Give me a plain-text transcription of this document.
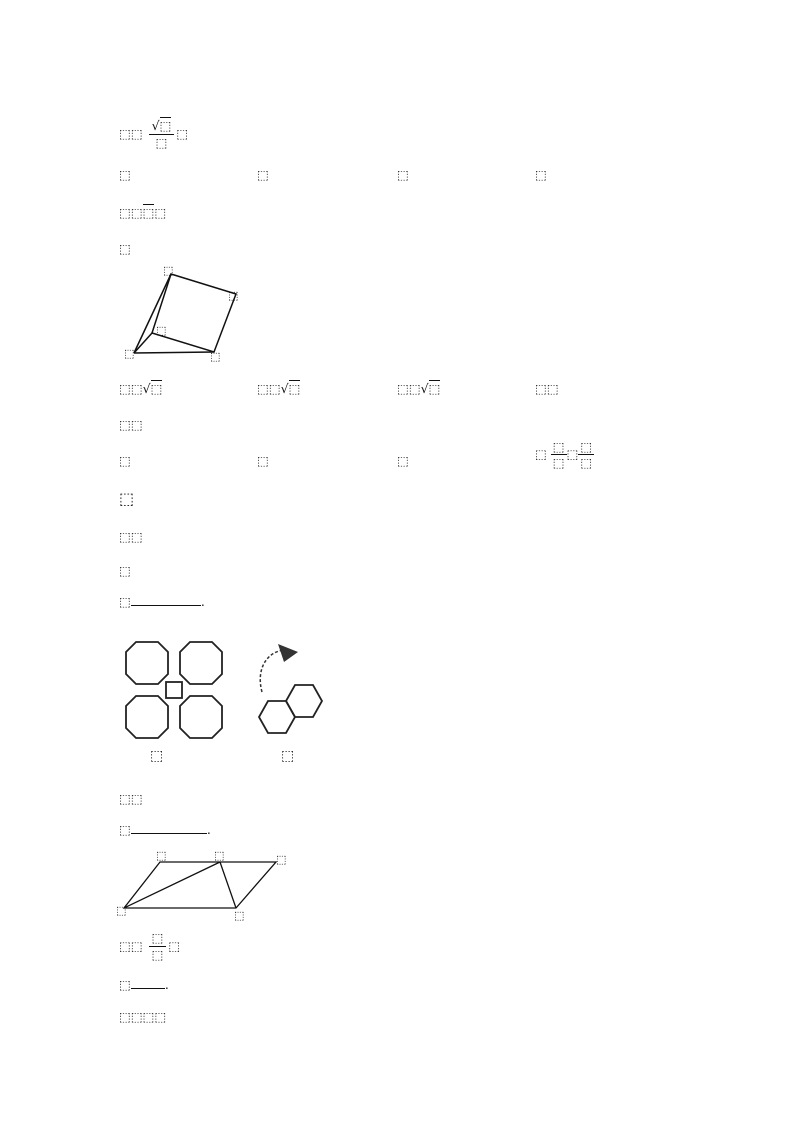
⬚⬚
√⬚
⬚
⬚
⬚	⬚	⬚	⬚
⬚⬚⬚⬚
⬚
⬚
⬚
⬚
⬚	⬚
⬚⬚√⬚	⬚⬚√⬚	⬚⬚√⬚	⬚⬚
⬚⬚
⬚	⬚	⬚	⬚ ⬚
⬚
⬚ ⬚
⬚
⬚
⬚⬚
⬚
⬚	.
⬚	⬚
⬚⬚
⬚	.
⬚	⬚	⬚
⬚	⬚
⬚⬚
⬚
⬚
⬚
⬚	.
⬚⬚⬚⬚
